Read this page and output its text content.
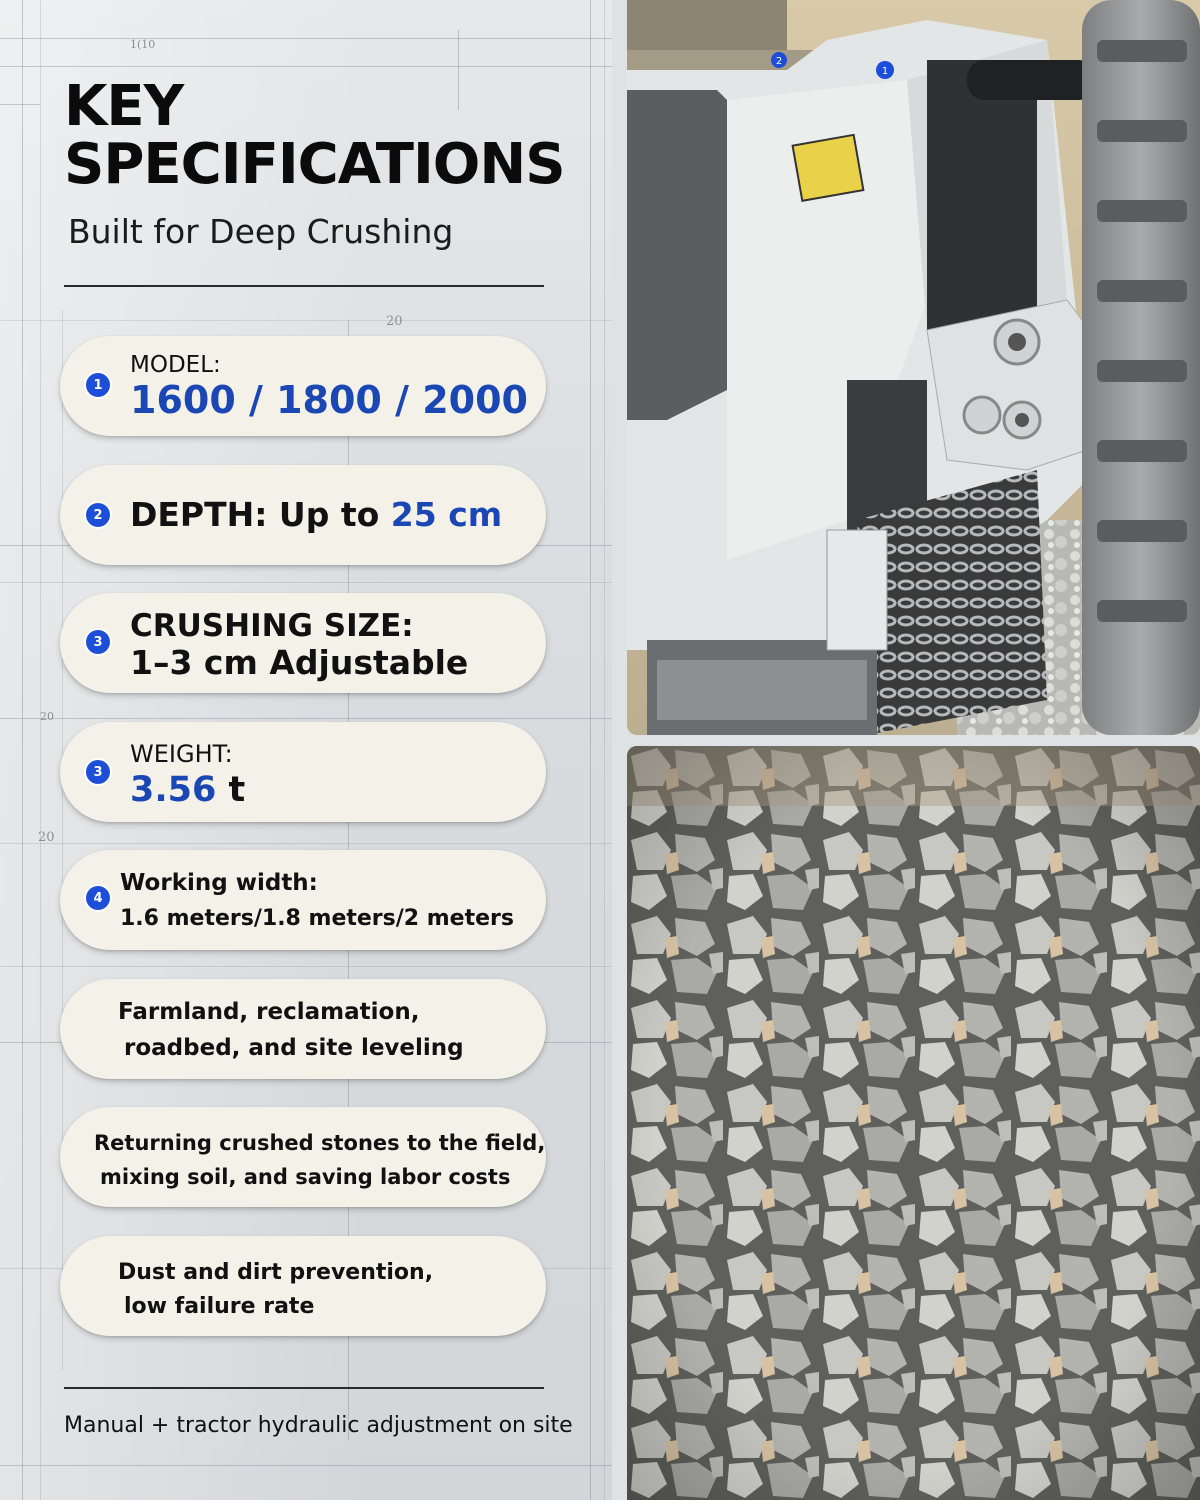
1(10
20
20
20
KEY
SPECIFICATIONS
Built for Deep Crushing
1
MODEL:
1600 / 1800 / 2000
2 DEPTH: Up to 25 cm
3 CRUSHING SIZE:
1–3 cm Adjustable
3
WEIGHT:
3.56 t
4
Working width:
1.6 meters/1.8 meters/2 meters
Farmland, reclamation,
roadbed, and site leveling
Returning crushed stones to the field,
mixing soil, and saving labor costs
Dust and dirt prevention,
low failure rate
Manual + tractor hydraulic adjustment on site
2
1
